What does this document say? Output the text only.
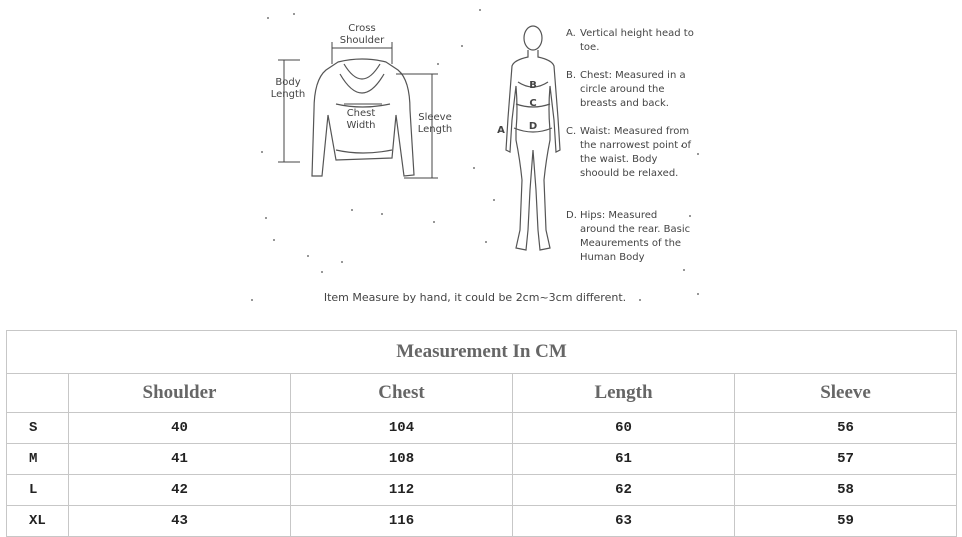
Cross
Shoulder
Body
Length
Chest
Width
Sleeve
Length
B
C
D
A
A. Vertical height head to toe.
B. Chest: Measured in a circle around the breasts and back.
C. Waist: Measured from the narrowest point of the waist. Body shoould be relaxed.
D. Hips: Measured around the rear. Basic Meaurements of the Human Body
Item Measure by hand, it could be 2cm~3cm different.
Measurement In CM				
	Shoulder	Chest	Length	Sleeve
S	40	104	60	56
M	41	108	61	57
L	42	112	62	58
XL	43	116	63	59
